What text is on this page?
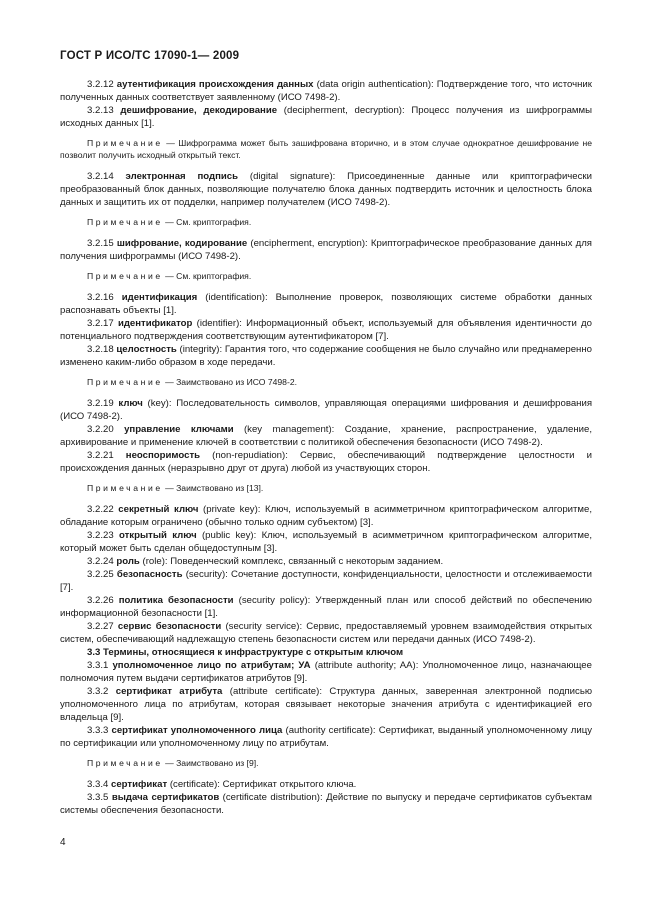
ГОСТ Р ИСО/ТС 17090-1— 2009

3.2.12 аутентификация происхождения данных (data origin authentication): Подтверждение того, что источник полученных данных соответствует заявленному (ИСО 7498-2).

3.2.13 дешифрование, декодирование (decipherment, decryption): Процесс получения из шифрограммы исходных данных [1].

Примечание — Шифрограмма может быть зашифрована вторично, и в этом случае однократное дешифрование не позволит получить исходный открытый текст.

3.2.14 электронная подпись (digital signature): Присоединенные данные или криптографически преобразованный блок данных, позволяющие получателю блока данных подтвердить источник и целостность блока данных и защитить их от подделки, например получателем (ИСО 7498-2).

Примечание — См. криптография.

3.2.15 шифрование, кодирование (encipherment, encryption): Криптографическое преобразование данных для получения шифрограммы (ИСО 7498-2).

Примечание — См. криптография.

3.2.16 идентификация (identification): Выполнение проверок, позволяющих системе обработки данных распознавать объекты [1].

3.2.17 идентификатор (identifier): Информационный объект, используемый для объявления идентичности до потенциального подтверждения соответствующим аутентификатором [7].

3.2.18 целостность (integrity): Гарантия того, что содержание сообщения не было случайно или преднамеренно изменено каким-либо образом в ходе передачи.

Примечание — Заимствовано из ИСО 7498-2.

3.2.19 ключ (key): Последовательность символов, управляющая операциями шифрования и дешифрования (ИСО 7498-2).

3.2.20 управление ключами (key management): Создание, хранение, распространение, удаление, архивирование и применение ключей в соответствии с политикой обеспечения безопасности (ИСО 7498-2).

3.2.21 неоспоримость (non-repudiation): Сервис, обеспечивающий подтверждение целостности и происхождения данных (неразрывно друг от друга) любой из участвующих сторон.

Примечание — Заимствовано из [13].

3.2.22 секретный ключ (private key): Ключ, используемый в асимметричном криптографическом алгоритме, обладание которым ограничено (обычно только одним субъектом) [3].

3.2.23 открытый ключ (public key): Ключ, используемый в асимметричном криптографическом алгоритме, который может быть сделан общедоступным [3].

3.2.24 роль (role): Поведенческий комплекс, связанный с некоторым заданием.

3.2.25 безопасность (security): Сочетание доступности, конфиденциальности, целостности и отслеживаемости [7].

3.2.26 политика безопасности (security policy): Утвержденный план или способ действий по обеспечению информационной безопасности [1].

3.2.27 сервис безопасности (security service): Сервис, предоставляемый уровнем взаимодействия открытых систем, обеспечивающий надлежащую степень безопасности систем или передачи данных (ИСО 7498-2).

3.3 Термины, относящиеся к инфраструктуре с открытым ключом

3.3.1 уполномоченное лицо по атрибутам; УА (attribute authority; AA): Уполномоченное лицо, назначающее полномочия путем выдачи сертификатов атрибутов [9].

3.3.2 сертификат атрибута (attribute certificate): Структура данных, заверенная электронной подписью уполномоченного лица по атрибутам, которая связывает некоторые значения атрибута с идентификацией его владельца [9].

3.3.3 сертификат уполномоченного лица (authority certificate): Сертификат, выданный уполномоченному лицу по сертификации или уполномоченному лицу по атрибутам.

Примечание — Заимствовано из [9].

3.3.4 сертификат (certificate): Сертификат открытого ключа.

3.3.5 выдача сертификатов (certificate distribution): Действие по выпуску и передаче сертификатов субъектам системы обеспечения безопасности.

4
